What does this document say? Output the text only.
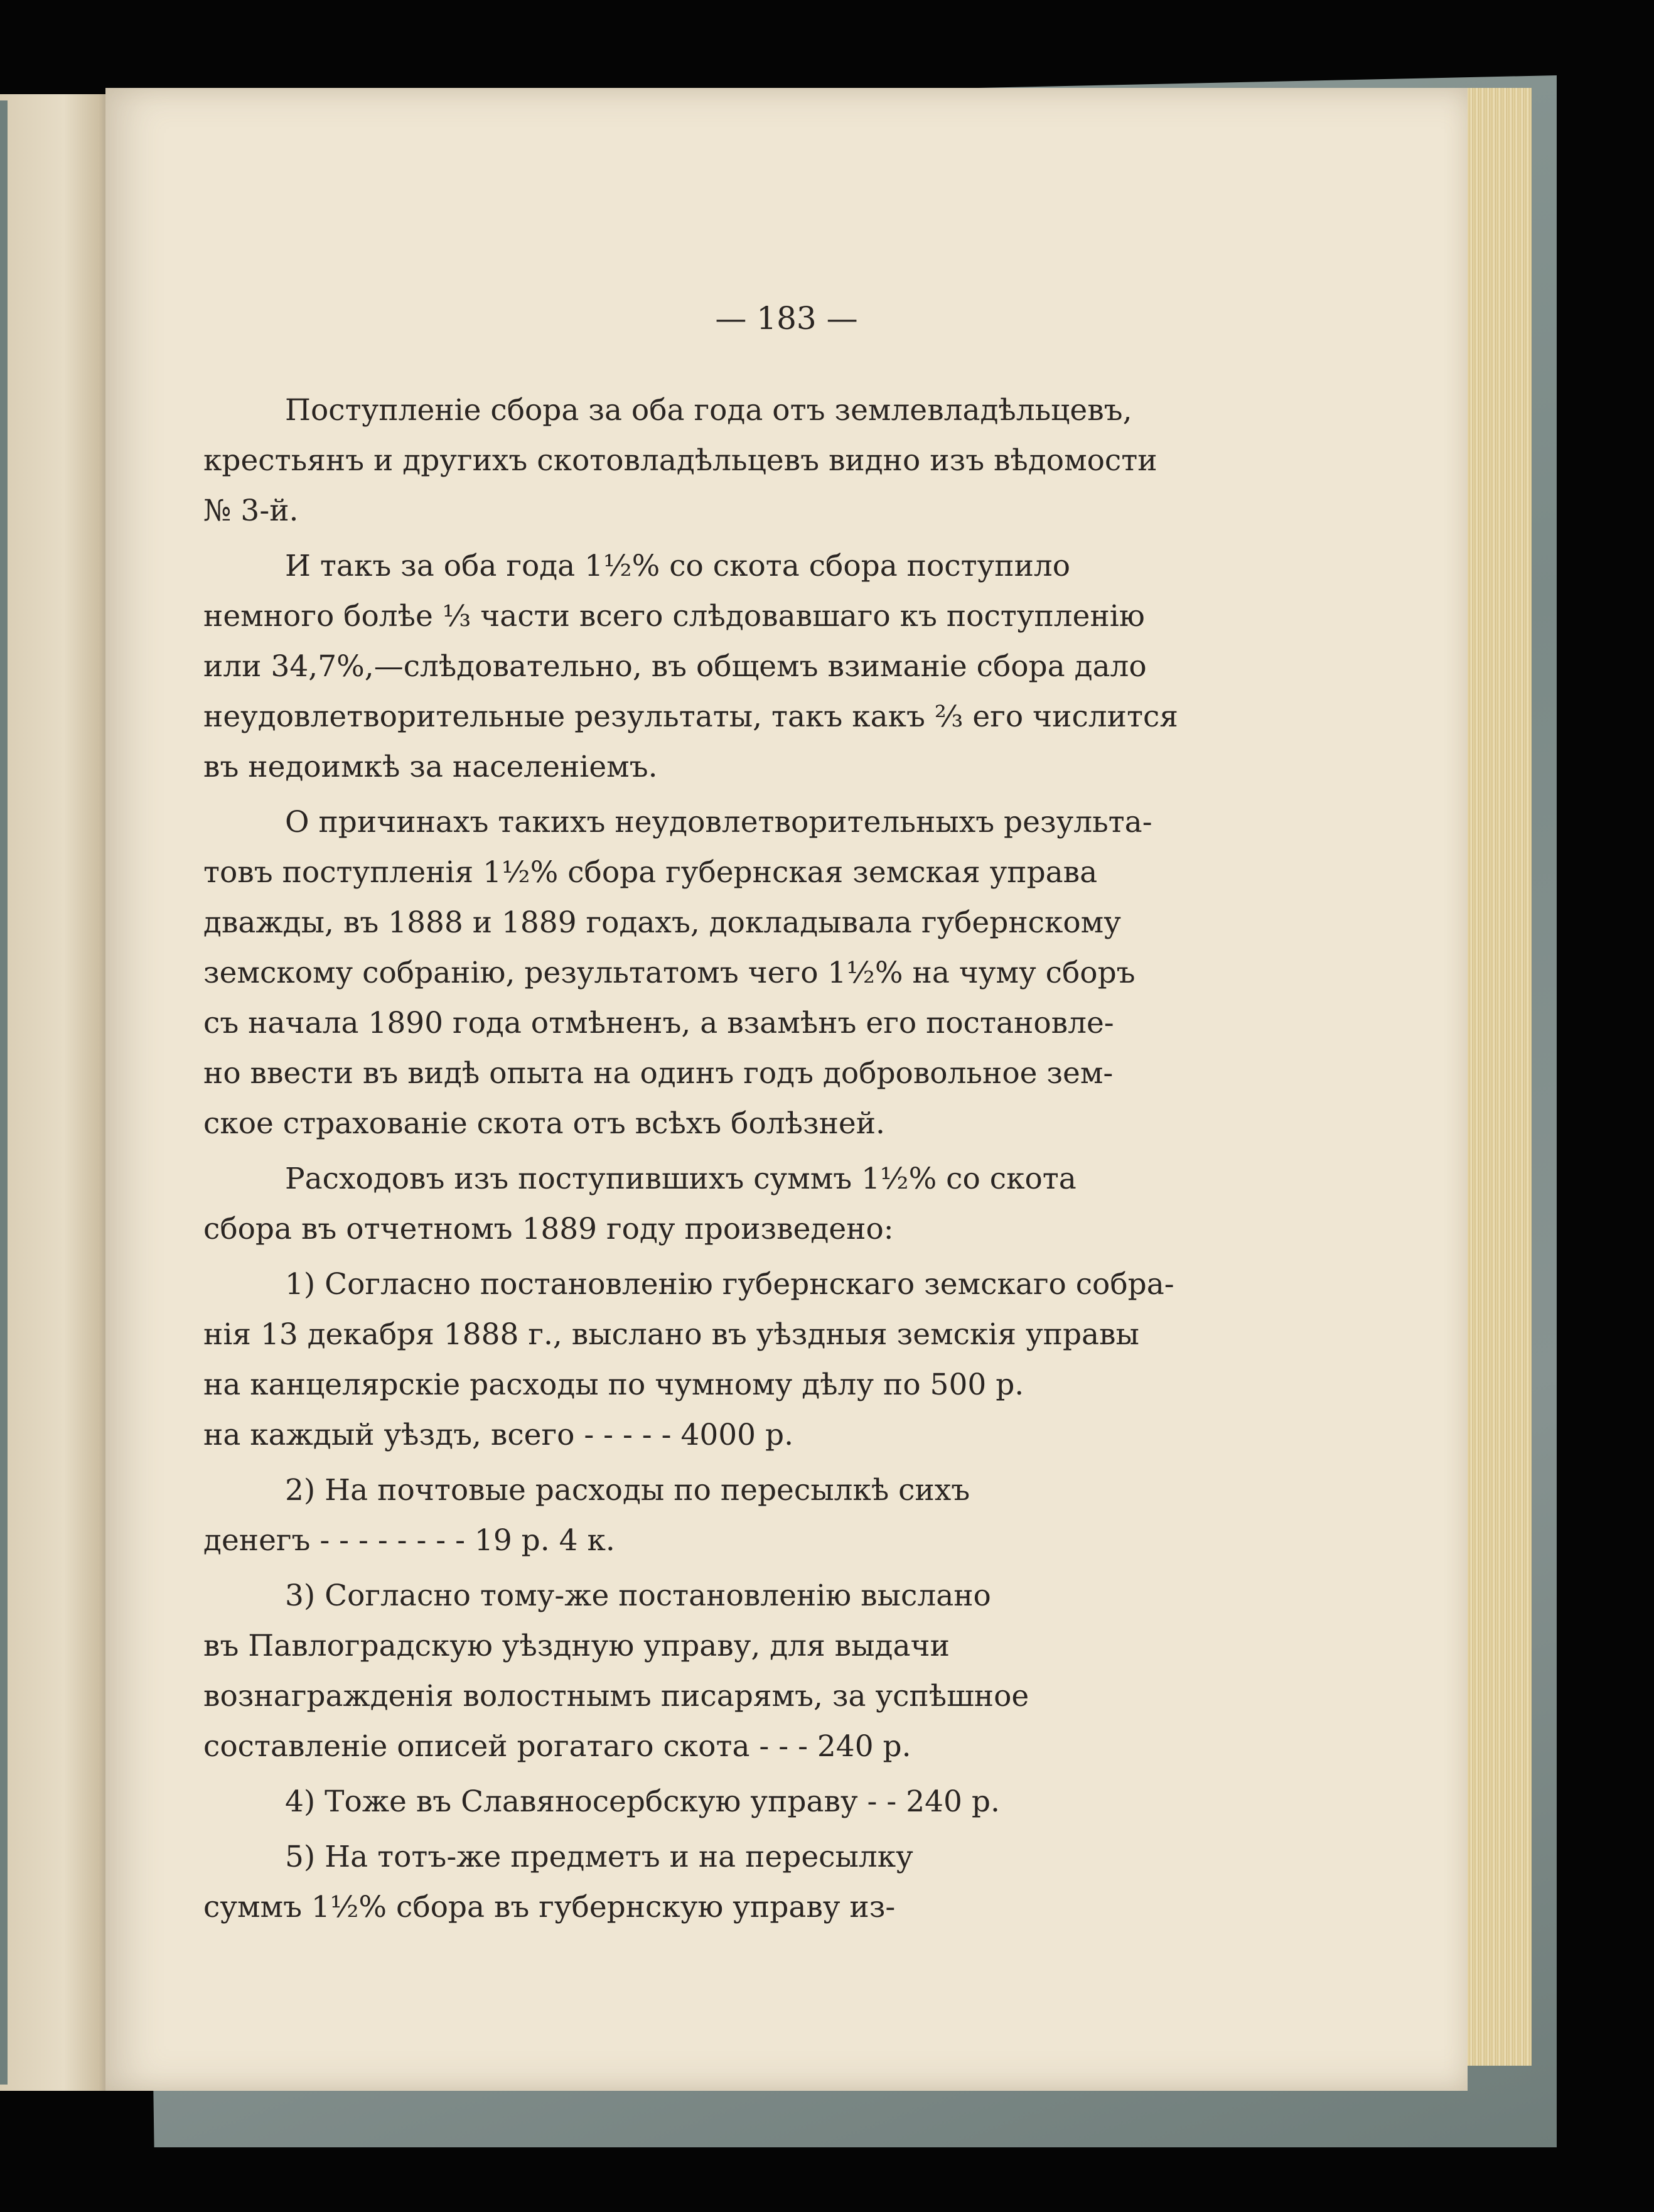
— 183 —
Поступленіе сбора за оба года отъ землевладѣльцевъ,
крестьянъ и другихъ скотовладѣльцевъ видно изъ вѣдомости
№ 3-й.
И такъ за оба года 1½% со скота сбора поступило
немного болѣе ⅓ части всего слѣдовавшаго къ поступленію
или 34,7%,—слѣдовательно, въ общемъ взиманіе сбора дало
неудовлетворительные результаты, такъ какъ ⅔ его числится
въ недоимкѣ за населеніемъ.
О причинахъ такихъ неудовлетворительныхъ результа-
товъ поступленія 1½% сбора губернская земская управа
дважды, въ 1888 и 1889 годахъ, докладывала губернскому
земскому собранію, результатомъ чего 1½% на чуму сборъ
съ начала 1890 года отмѣненъ, а взамѣнъ его постановле-
но ввести въ видѣ опыта на одинъ годъ добровольное зем-
ское страхованіе скота отъ всѣхъ болѣзней.
Расходовъ изъ поступившихъ суммъ 1½% со скота
сбора въ отчетномъ 1889 году произведено:
1) Согласно постановленію губернскаго земскаго собра-
нія 13 декабря 1888 г., выслано въ уѣздныя земскія управы
на канцелярскіе расходы по чумному дѣлу по 500 р.
на каждый уѣздъ, всего - - - - - 4000 р.
2) На почтовые расходы по пересылкѣ сихъ
денегъ - - - - - - - - 19 р. 4 к.
3) Согласно тому-же постановленію выслано
въ Павлоградскую уѣздную управу, для выдачи
вознагражденія волостнымъ писарямъ, за успѣшное
составленіе описей рогатаго скота - - - 240 р.
4) Тоже въ Славяносербскую управу - - 240 р.
5) На тотъ-же предметъ и на пересылку
суммъ 1½% сбора въ губернскую управу из-
